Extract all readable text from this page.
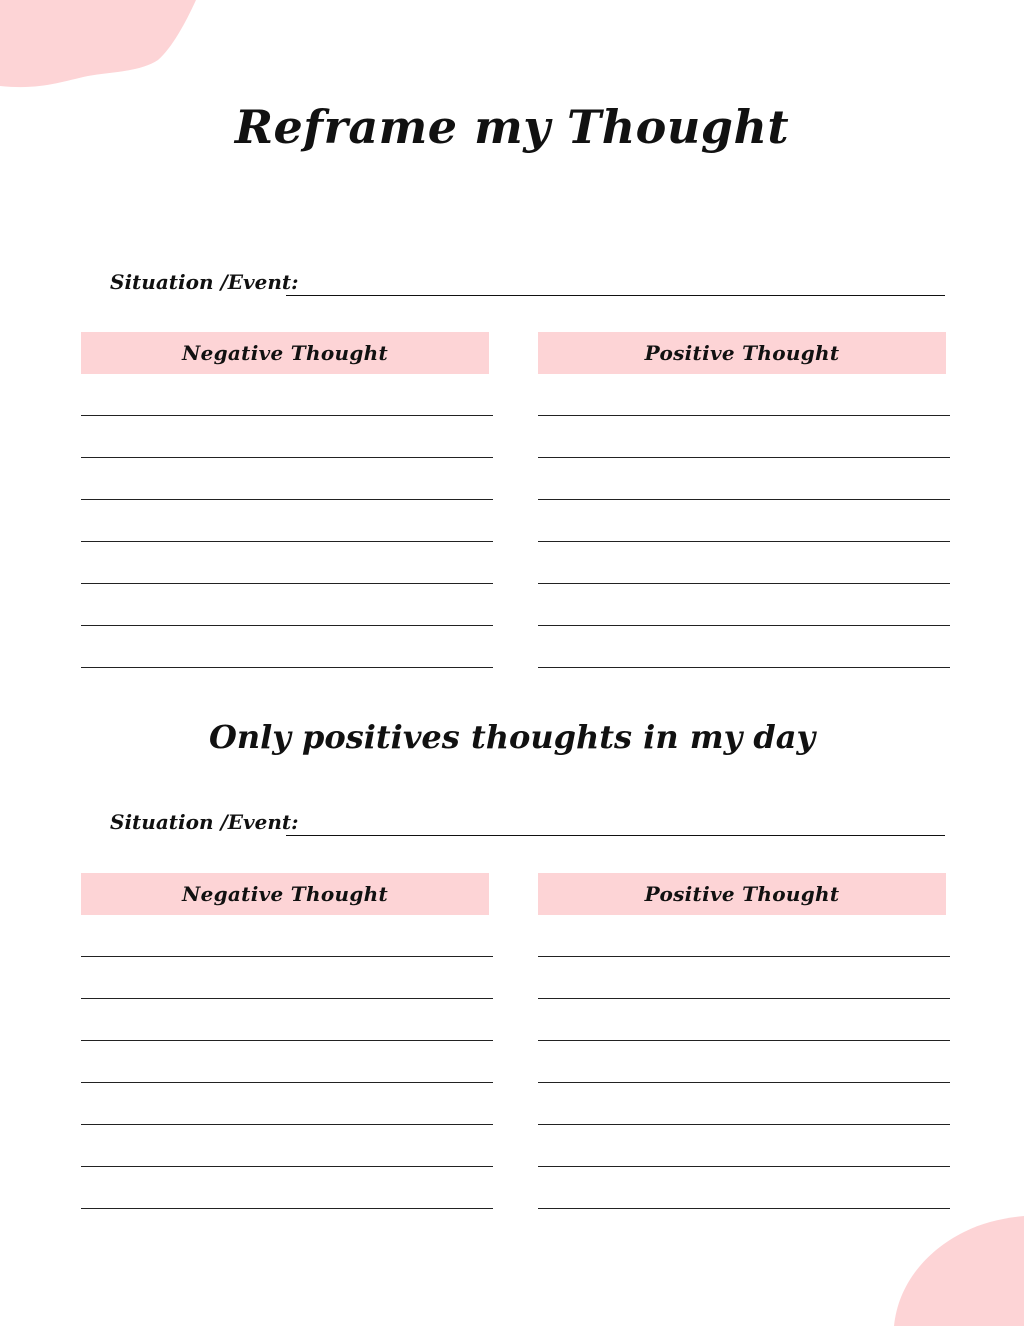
Reframe my Thought
Situation /Event:
Negative Thought	Positive Thought
Only positives thoughts in my day
Situation /Event:
Negative Thought	Positive Thought
